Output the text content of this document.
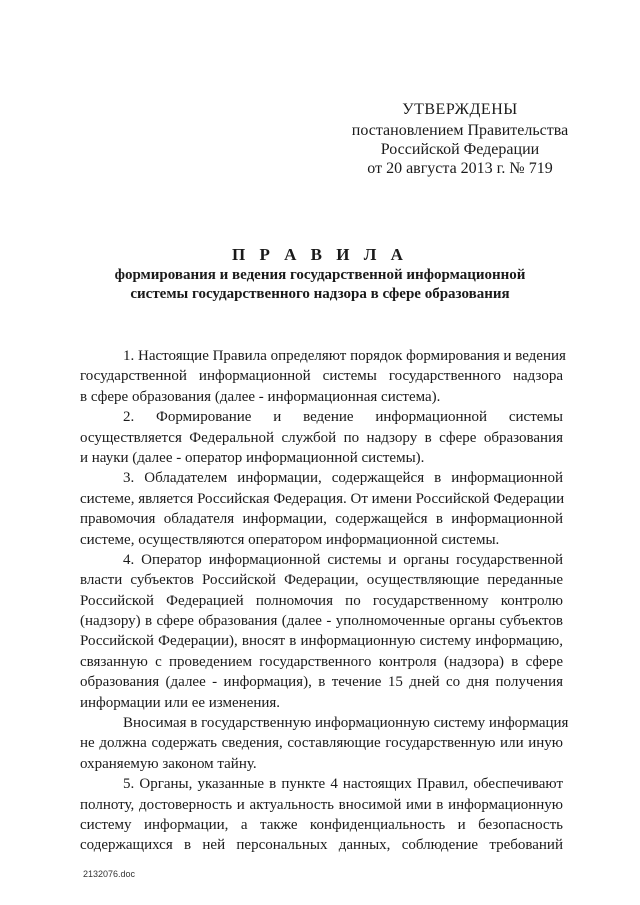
УТВЕРЖДЕНЫ
постановлением Правительства
Российской Федерации
от 20 августа 2013 г. № 719
П Р А В И Л А
формирования и ведения государственной информационной
системы государственного надзора в сфере образования
1. Настоящие Правила определяют порядок формирования и ведения
государственной информационной системы государственного надзора
в сфере образования (далее - информационная система).
2. Формирование и ведение информационной системы
осуществляется Федеральной службой по надзору в сфере образования
и науки (далее - оператор информационной системы).
3. Обладателем информации, содержащейся в информационной
системе, является Российская Федерация. От имени Российской Федерации
правомочия обладателя информации, содержащейся в информационной
системе, осуществляются оператором информационной системы.
4. Оператор информационной системы и органы государственной
власти субъектов Российской Федерации, осуществляющие переданные
Российской Федерацией полномочия по государственному контролю
(надзору) в сфере образования (далее - уполномоченные органы субъектов
Российской Федерации), вносят в информационную систему информацию,
связанную с проведением государственного контроля (надзора) в сфере
образования (далее - информация), в течение 15 дней со дня получения
информации или ее изменения.
Вносимая в государственную информационную систему информация
не должна содержать сведения, составляющие государственную или иную
охраняемую законом тайну.
5. Органы, указанные в пункте 4 настоящих Правил, обеспечивают
полноту, достоверность и актуальность вносимой ими в информационную
систему информации, а также конфиденциальность и безопасность
содержащихся в ней персональных данных, соблюдение требований
2132076.doc
